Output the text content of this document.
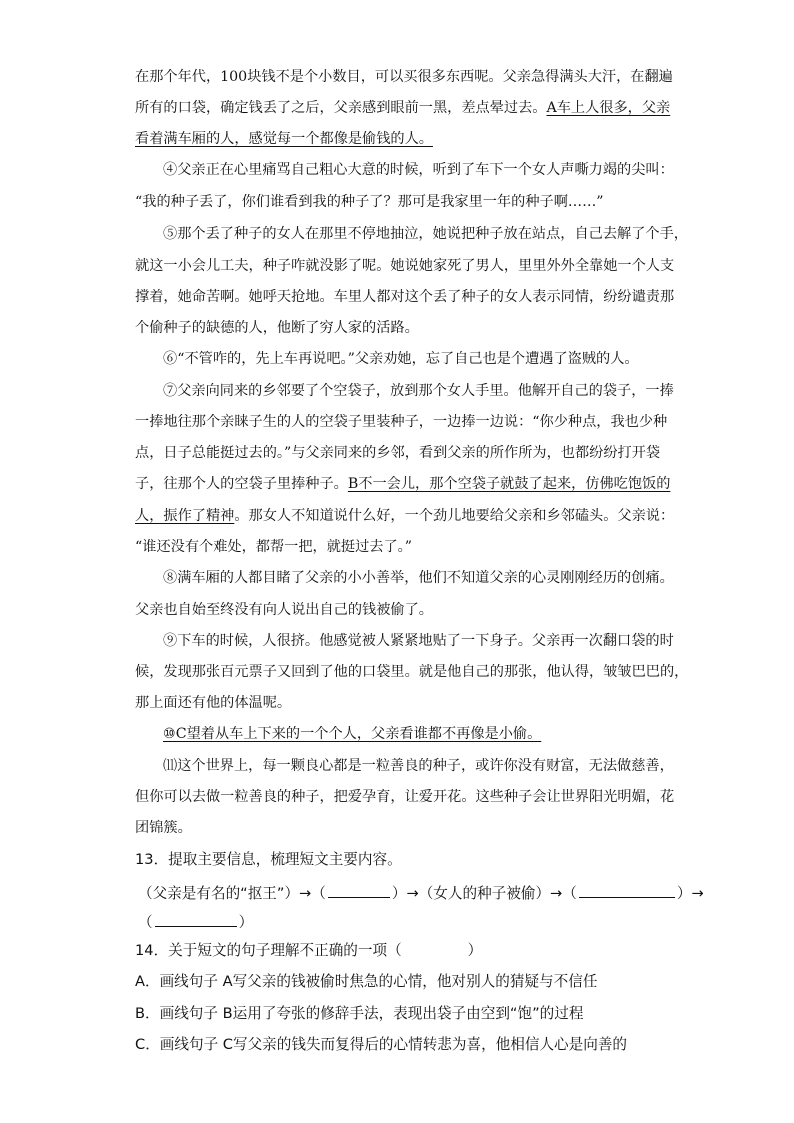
在那个年代，100块钱不是个小数目，可以买很多东西呢。父亲急得满头大汗，在翻遍

所有的口袋，确定钱丢了之后，父亲感到眼前一黑，差点晕过去。A车上人很多，父亲

看着满车厢的人，感觉每一个都像是偷钱的人。

④父亲正在心里痛骂自己粗心大意的时候，听到了车下一个女人声嘶力竭的尖叫：

“我的种子丢了，你们谁看到我的种子了？那可是我家里一年的种子啊……”

⑤那个丢了种子的女人在那里不停地抽泣，她说把种子放在站点，自己去解了个手，

就这一小会儿工夫，种子咋就没影了呢。她说她家死了男人，里里外外全靠她一个人支

撑着，她命苦啊。她呼天抢地。车里人都对这个丢了种子的女人表示同情，纷纷谴责那

个偷种子的缺德的人，他断了穷人家的活路。

⑥“不管咋的，先上车再说吧。”父亲劝她，忘了自己也是个遭遇了盗贼的人。

⑦父亲向同来的乡邻要了个空袋子，放到那个女人手里。他解开自己的袋子，一捧

一捧地往那个亲睐子生的人的空袋子里装种子，一边捧一边说：“你少种点，我也少种

点，日子总能挺过去的。”与父亲同来的乡邻，看到父亲的所作所为，也都纷纷打开袋

子，往那个人的空袋子里捧种子。B不一会儿，那个空袋子就鼓了起来，仿佛吃饱饭的

人，振作了精神。那女人不知道说什么好，一个劲儿地要给父亲和乡邻磕头。父亲说：

“谁还没有个难处，都帮一把，就挺过去了。”

⑧满车厢的人都目睹了父亲的小小善举，他们不知道父亲的心灵刚刚经历的创痛。

父亲也自始至终没有向人说出自己的钱被偷了。

⑨下车的时候，人很挤。他感觉被人紧紧地贴了一下身子。父亲再一次翻口袋的时

候，发现那张百元票子又回到了他的口袋里。就是他自己的那张，他认得，皱皱巴巴的，

那上面还有他的体温呢。

⑩C望着从车上下来的一个个人，父亲看谁都不再像是小偷。

⑾这个世界上，每一颗良心都是一粒善良的种子，或许你没有财富，无法做慈善，

但你可以去做一粒善良的种子，把爱孕育，让爱开花。这些种子会让世界阳光明媚，花

团锦簇。

13．提取主要信息，梳理短文主要内容。

（父亲是有名的“抠王”）→（	）→（女人的种子被偷）→（	）→

（	）

14．关于短文的句子理解不正确的一项（	）

A．画线句子 A写父亲的钱被偷时焦急的心情，他对别人的猜疑与不信任

B．画线句子 B运用了夸张的修辞手法，表现出袋子由空到“饱”的过程

C．画线句子 C写父亲的钱失而复得后的心情转悲为喜，他相信人心是向善的
